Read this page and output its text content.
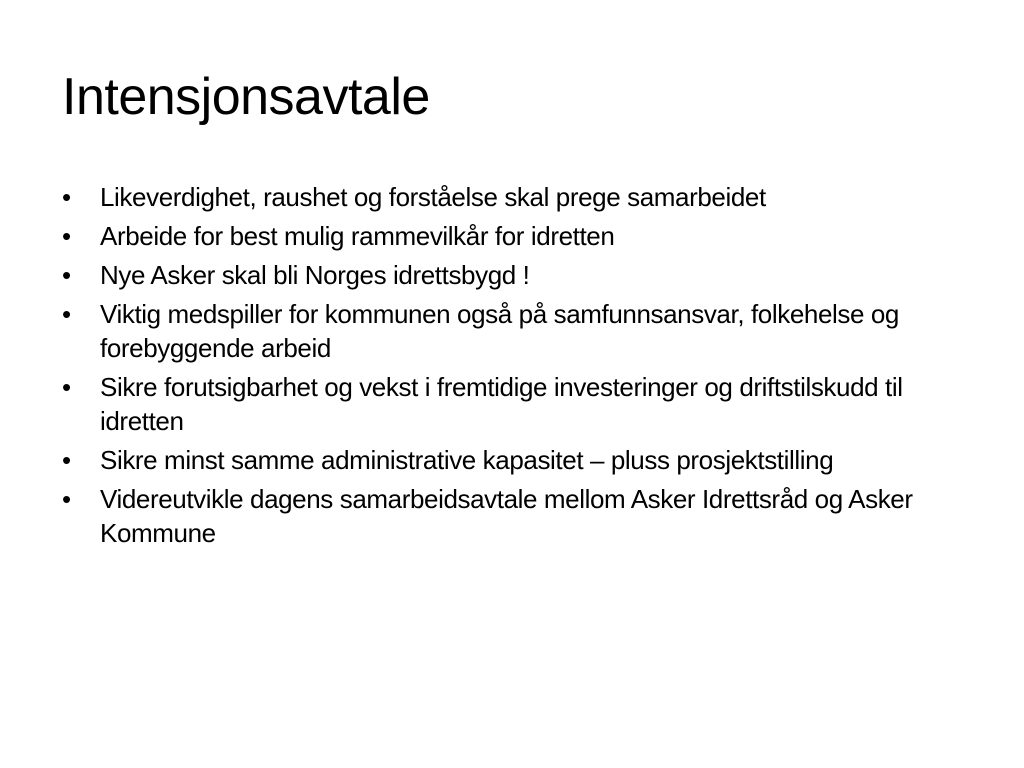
Intensjonsavtale
•	Likeverdighet, raushet og forståelse skal prege samarbeidet
•	Arbeide for best mulig rammevilkår for idretten
•	Nye Asker skal bli Norges idrettsbygd !
•	Viktig medspiller for kommunen også på samfunnsansvar, folkehelse og forebyggende arbeid
•	Sikre forutsigbarhet og vekst i fremtidige investeringer og driftstilskudd til idretten
•	Sikre minst samme administrative kapasitet – pluss prosjektstilling
•	Videreutvikle dagens samarbeidsavtale mellom Asker Idrettsråd og Asker Kommune
